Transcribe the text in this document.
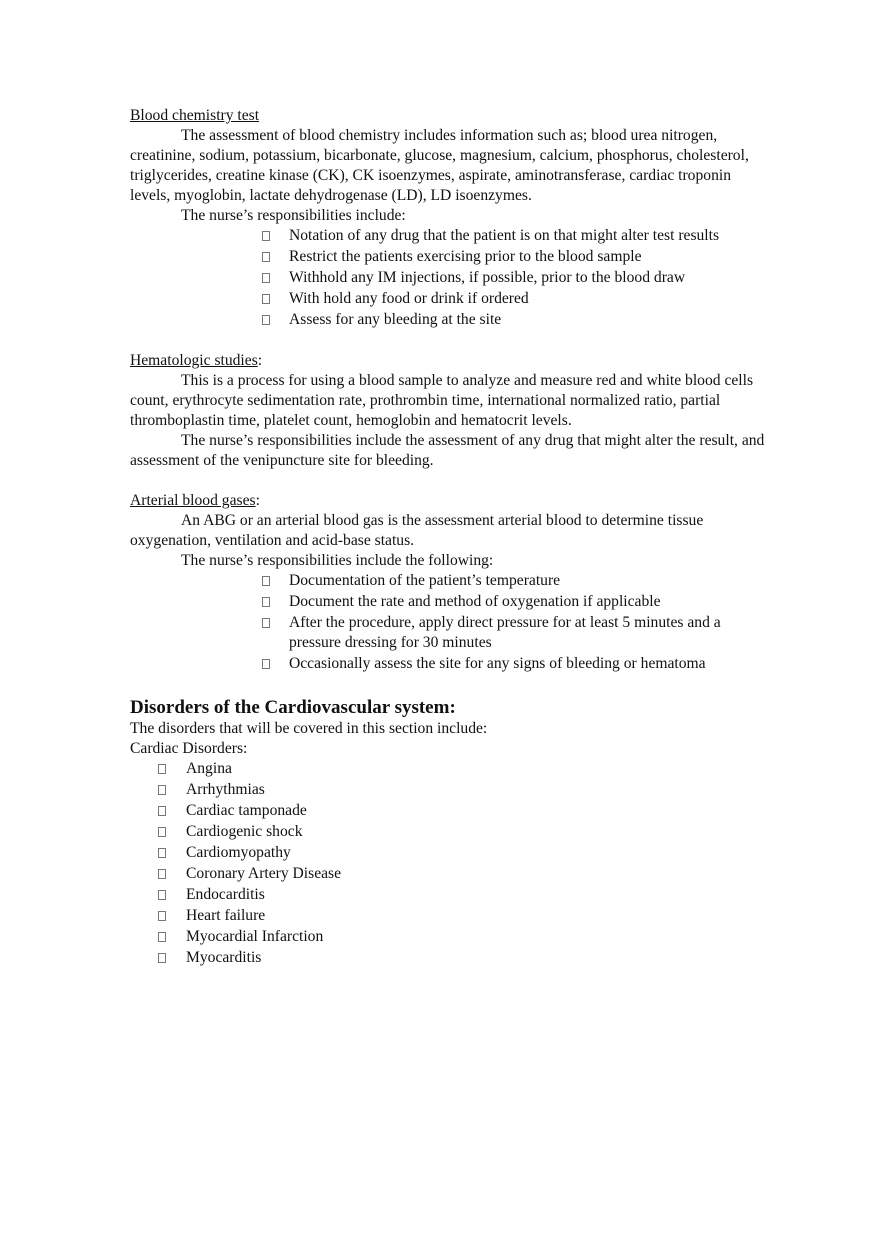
Blood chemistry test

The assessment of blood chemistry includes information such as; blood urea nitrogen, creatinine, sodium, potassium, bicarbonate, glucose, magnesium, calcium, phosphorus, cholesterol, triglycerides, creatine kinase (CK), CK isoenzymes, aspirate, aminotransferase, cardiac troponin levels, myoglobin, lactate dehydrogenase (LD), LD isoenzymes.

The nurse’s responsibilities include:

Notation of any drug that the patient is on that might alter test results
Restrict the patients exercising prior to the blood sample
Withhold any IM injections, if possible, prior to the blood draw
With hold any food or drink if ordered
Assess for any bleeding at the site
Hematologic studies:

This is a process for using a blood sample to analyze and measure red and white blood cells count, erythrocyte sedimentation rate, prothrombin time, international normalized ratio, partial thromboplastin time, platelet count, hemoglobin and hematocrit levels.

The nurse’s responsibilities include the assessment of any drug that might alter the result, and assessment of the venipuncture site for bleeding.

Arterial blood gases:

An ABG or an arterial blood gas is the assessment arterial blood to determine tissue oxygenation, ventilation and acid-base status.

The nurse’s responsibilities include the following:

Documentation of the patient’s temperature
Document the rate and method of oxygenation if applicable
After the procedure, apply direct pressure for at least 5 minutes and a pressure dressing for 30 minutes
Occasionally assess the site for any signs of bleeding or hematoma
Disorders of the Cardiovascular system:
The disorders that will be covered in this section include:
Cardiac Disorders:
Angina
Arrhythmias
Cardiac tamponade
Cardiogenic shock
Cardiomyopathy
Coronary Artery Disease
Endocarditis
Heart failure
Myocardial Infarction
Myocarditis
